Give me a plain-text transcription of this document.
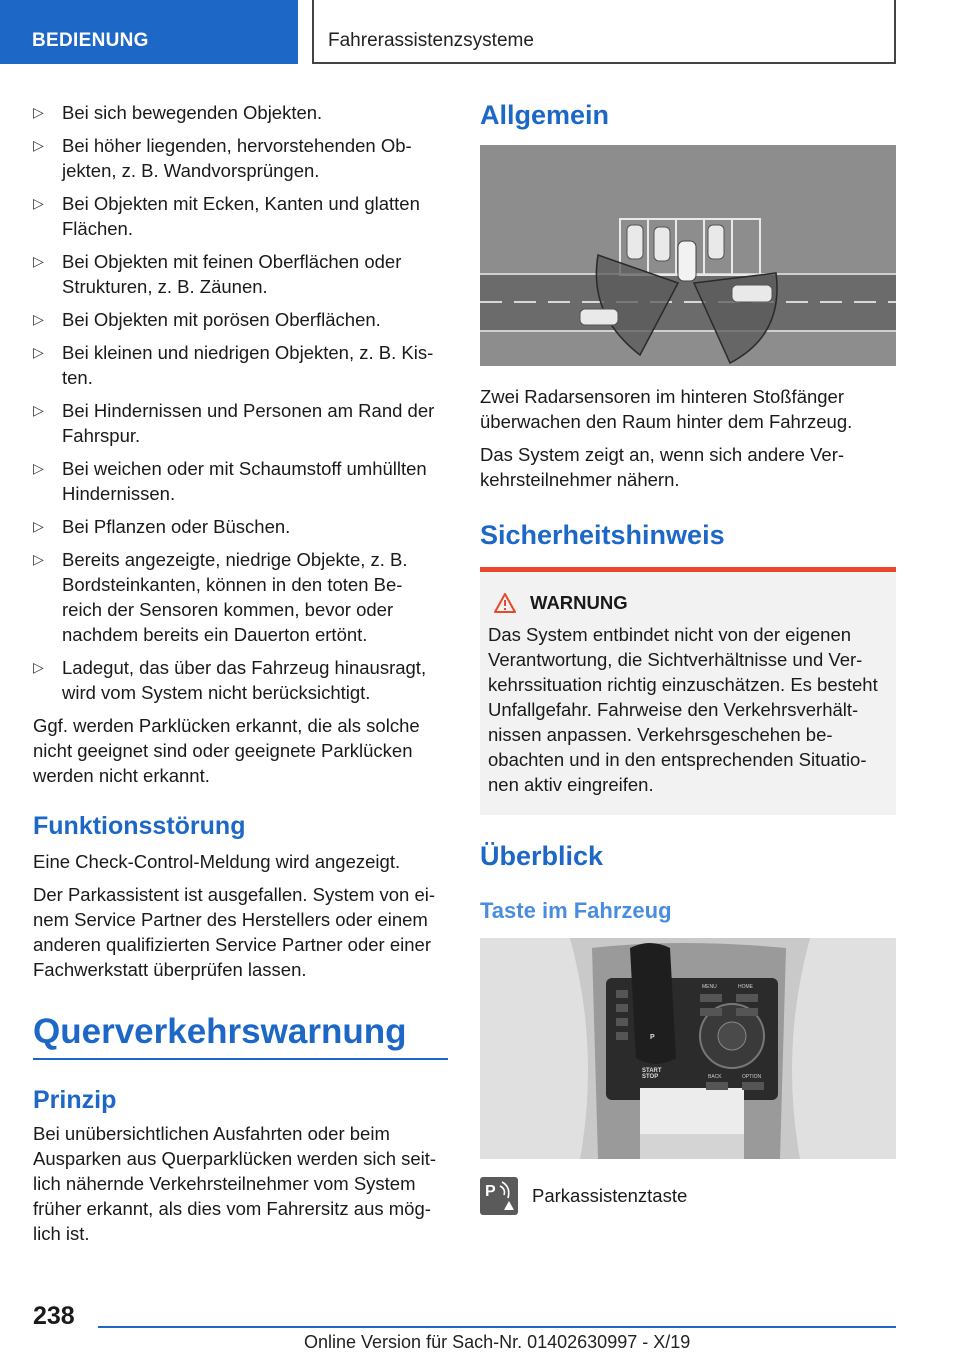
BEDIENUNG	Fahrerassistenzsysteme
▷ Bei sich bewegenden Objekten.
▷ Bei höher liegenden, hervorstehenden Ob-
jekten, z. B. Wandvorsprüngen.
▷ Bei Objekten mit Ecken, Kanten und glatten Flächen.
▷ Bei Objekten mit feinen Oberflächen oder Strukturen, z. B. Zäunen.
▷ Bei Objekten mit porösen Oberflächen.
▷ Bei kleinen und niedrigen Objekten, z. B. Kis-
ten.
▷ Bei Hindernissen und Personen am Rand der Fahrspur.
▷ Bei weichen oder mit Schaumstoff umhüllten Hindernissen.
▷ Bei Pflanzen oder Büschen.
▷ Bereits angezeigte, niedrige Objekte, z. B. Bordsteinkanten, können in den toten Be-
reich der Sensoren kommen, bevor oder nachdem bereits ein Dauerton ertönt.
▷ Ladegut, das über das Fahrzeug hinausragt, wird vom System nicht berücksichtigt.

Ggf. werden Parklücken erkannt, die als solche nicht geeignet sind oder geeignete Parklücken werden nicht erkannt.

Funktionsstörung

Eine Check-Control-Meldung wird angezeigt.

Der Parkassistent ist ausgefallen. System von ei-
nem Service Partner des Herstellers oder einem anderen qualifizierten Service Partner oder einer Fachwerkstatt überprüfen lassen.

Querverkehrswarnung
Prinzip

Bei unübersichtlichen Ausfahrten oder beim Ausparken aus Querparklücken werden sich seit-
lich nähernde Verkehrsteilnehmer vom System früher erkannt, als dies vom Fahrersitz aus mög-
lich ist.

Allgemein

Zwei Radarsensoren im hinteren Stoßfänger überwachen den Raum hinter dem Fahrzeug.

Das System zeigt an, wenn sich andere Ver-
kehrsteilnehmer nähern.

Sicherheitshinweis
WARNUNG

Das System entbindet nicht von der eigenen Verantwortung, die Sichtverhältnisse und Ver-
kehrssituation richtig einzuschätzen. Es besteht Unfallgefahr. Fahrweise den Verkehrsverhält-
nissen anpassen. Verkehrsgeschehen be-
obachten und in den entsprechenden Situatio-
nen aktiv eingreifen.

Überblick
Taste im Fahrzeug
START STOP
P
MENU	HOME
BACK	OPTION
P Parkassistenztaste

238
Online Version für Sach-Nr. 01402630997 - X/19
